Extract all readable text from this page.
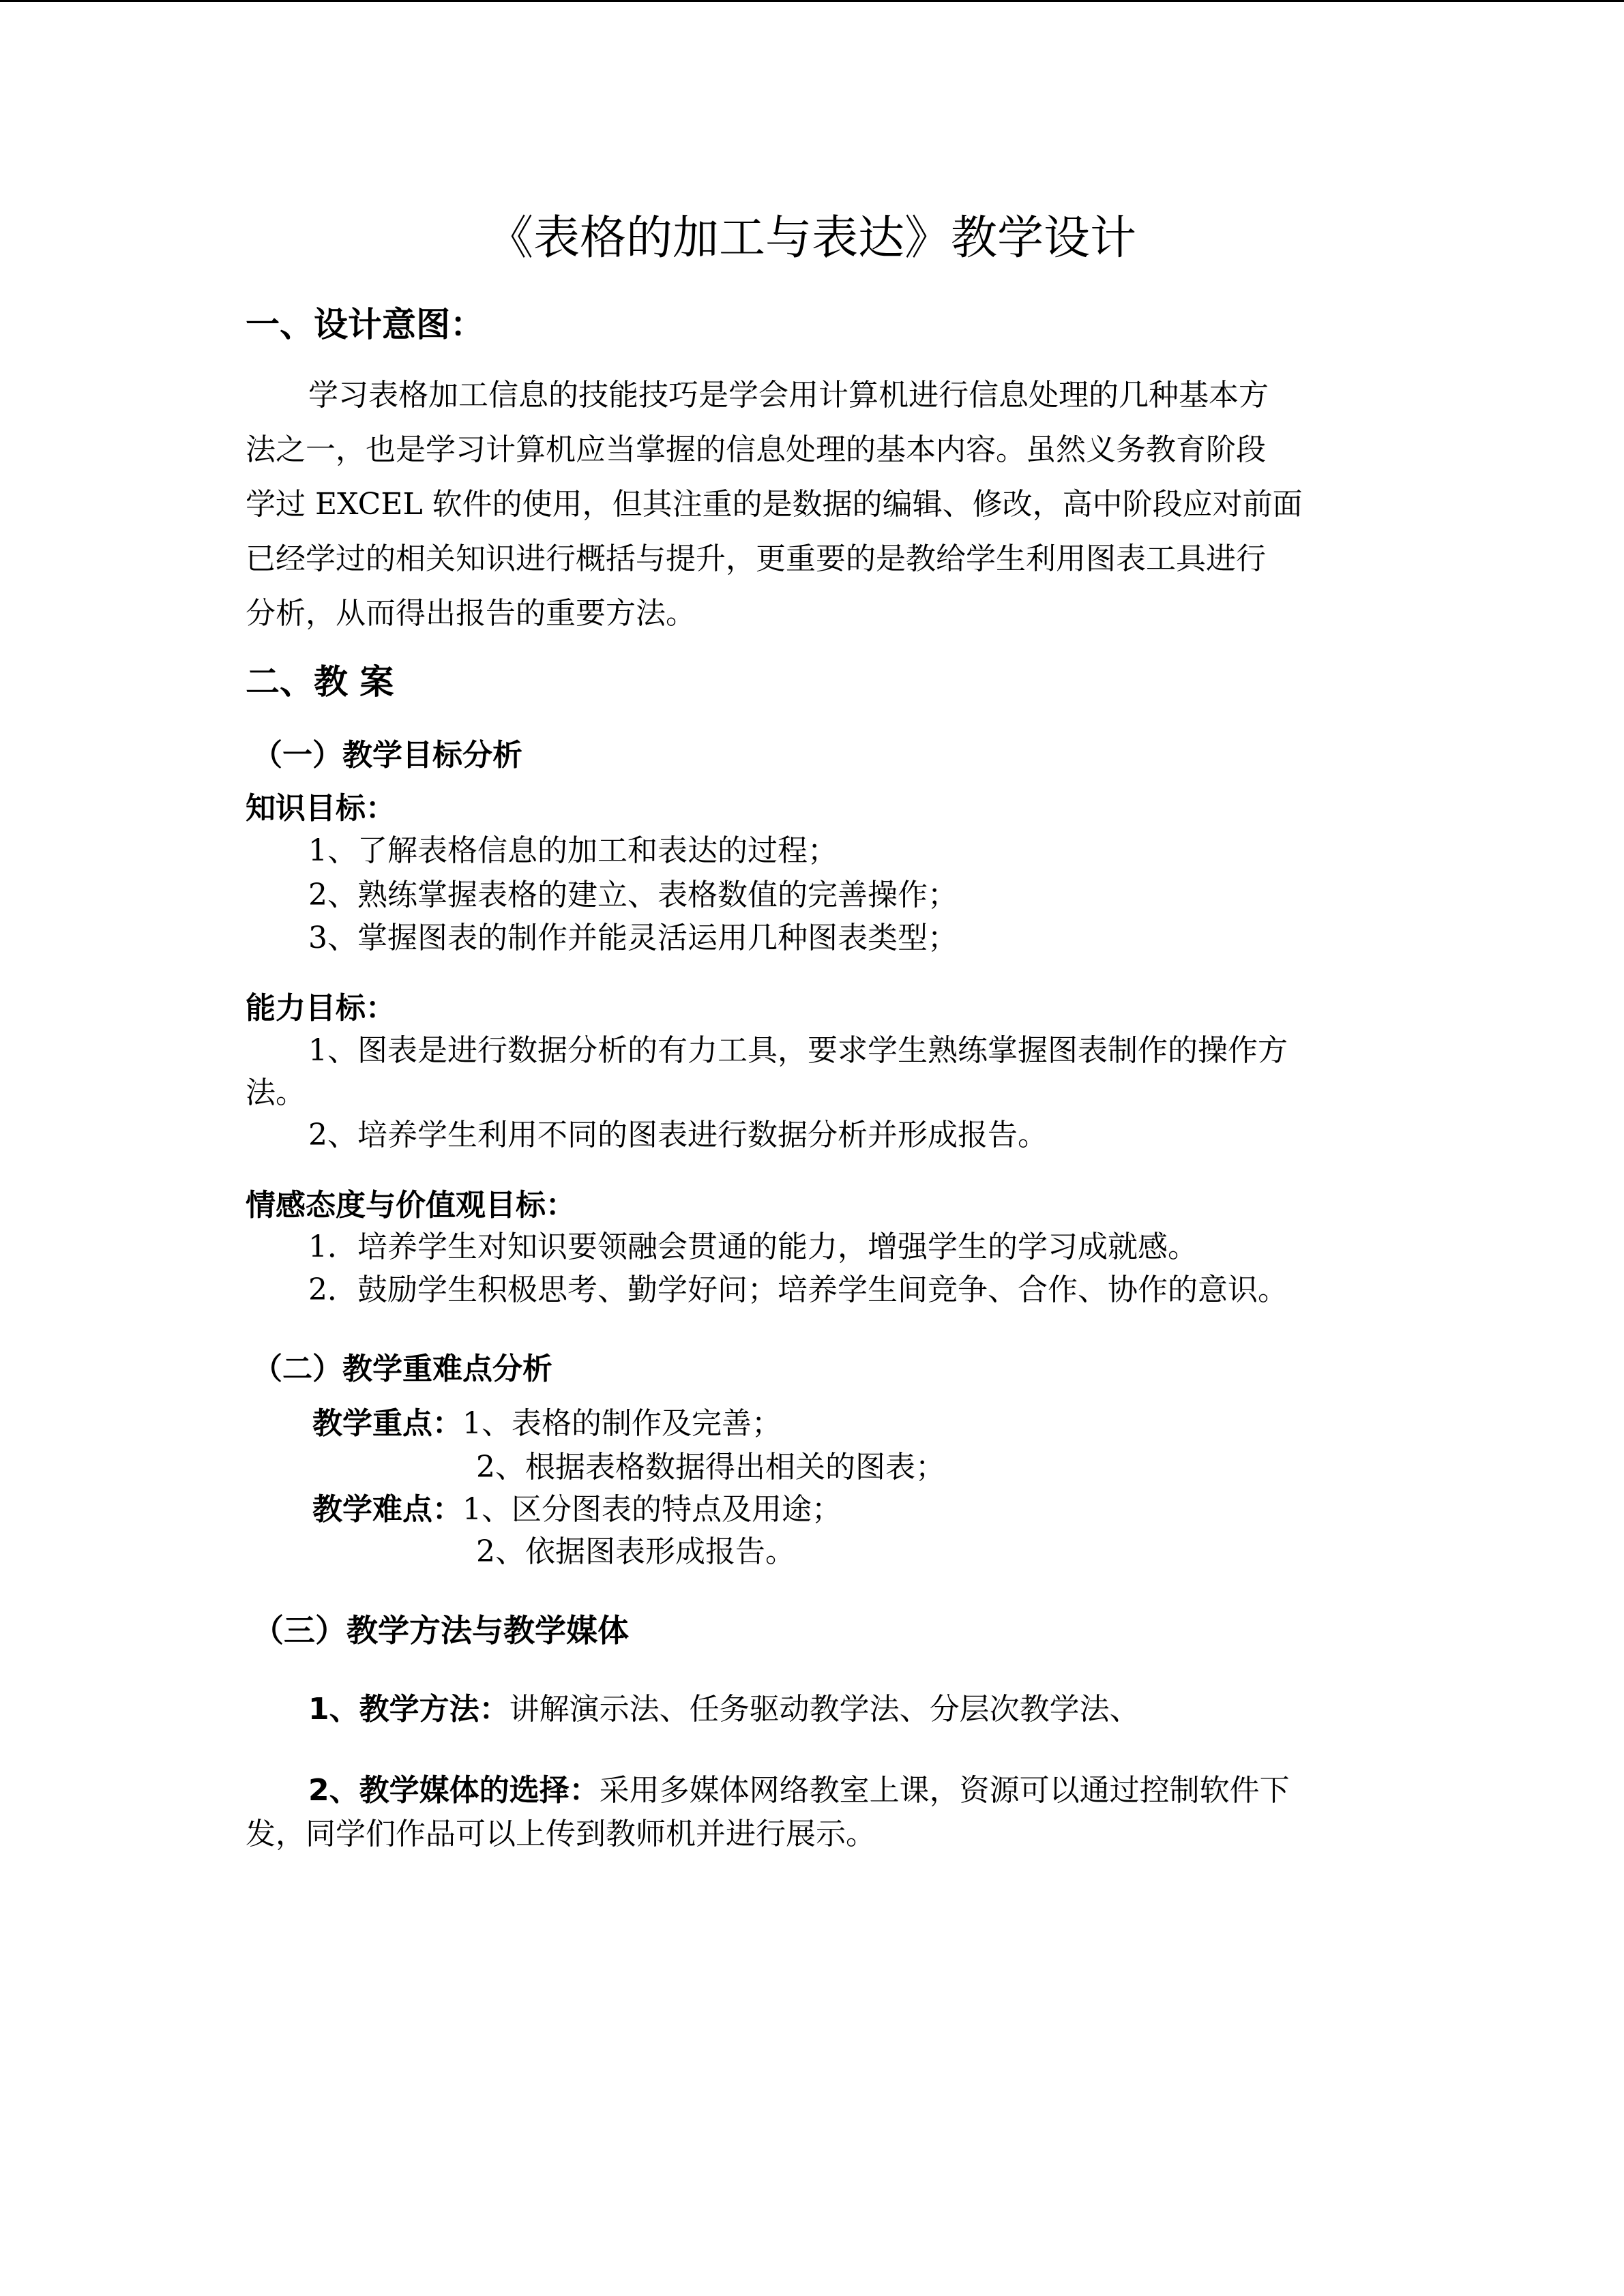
《表格的加工与表达》教学设计
一、设计意图：
学习表格加工信息的技能技巧是学会用计算机进行信息处理的几种基本方
法之一，也是学习计算机应当掌握的信息处理的基本内容。虽然义务教育阶段
学过 EXCEL 软件的使用，但其注重的是数据的编辑、修改，高中阶段应对前面
已经学过的相关知识进行概括与提升，更重要的是教给学生利用图表工具进行
分析，从而得出报告的重要方法。
二、教 案
（一）教学目标分析
知识目标：
1、了解表格信息的加工和表达的过程；
2、熟练掌握表格的建立、表格数值的完善操作；
3、掌握图表的制作并能灵活运用几种图表类型；
能力目标：
1、图表是进行数据分析的有力工具，要求学生熟练掌握图表制作的操作方
法。
2、培养学生利用不同的图表进行数据分析并形成报告。
情感态度与价值观目标：
1．培养学生对知识要领融会贯通的能力，增强学生的学习成就感。
2．鼓励学生积极思考、勤学好问；培养学生间竞争、合作、协作的意识。
（二）教学重难点分析
教学重点：1、表格的制作及完善；
2、根据表格数据得出相关的图表；
教学难点：1、区分图表的特点及用途；
2、依据图表形成报告。
（三）教学方法与教学媒体
1、教学方法：讲解演示法、任务驱动教学法、分层次教学法、
2、教学媒体的选择：采用多媒体网络教室上课，资源可以通过控制软件下
发，同学们作品可以上传到教师机并进行展示。
